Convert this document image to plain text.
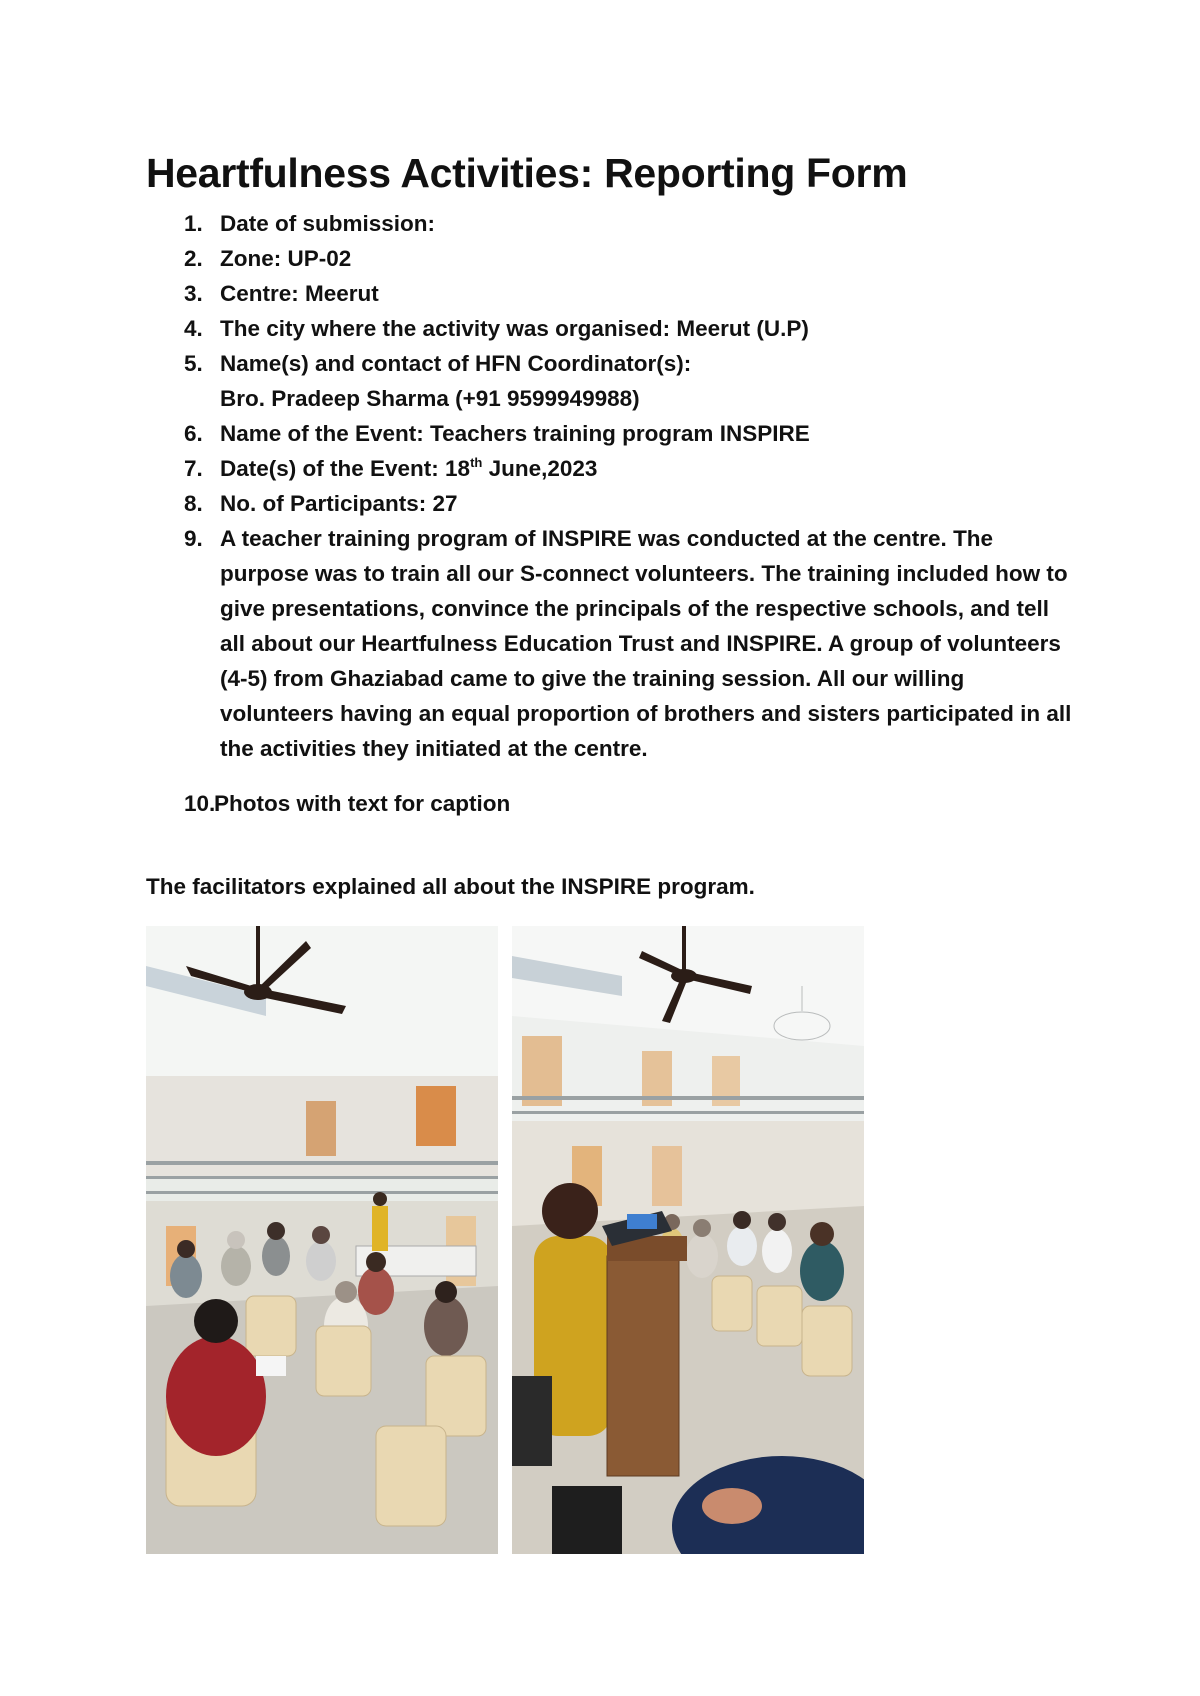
Heartfulness Activities: Reporting Form
1. Date of submission:
2. Zone: UP-02
3. Centre: Meerut
4. The city where the activity was organised: Meerut (U.P)
5. Name(s) and contact of HFN Coordinator(s):
Bro. Pradeep Sharma (+91 9599949988)
6. Name of the Event: Teachers training program INSPIRE
7. Date(s) of the Event: 18th June,2023
8. No. of Participants: 27
9. A teacher training program of INSPIRE was conducted at the centre. The purpose was to train all our S-connect volunteers. The training included how to give presentations, convince the principals of the respective schools, and tell all about our Heartfulness Education Trust and INSPIRE. A group of volunteers (4-5) from Ghaziabad came to give the training session. All our willing volunteers having an equal proportion of brothers and sisters participated in all the activities they initiated at the centre.
10.
Photos with text for caption
The facilitators explained all about the INSPIRE program.
